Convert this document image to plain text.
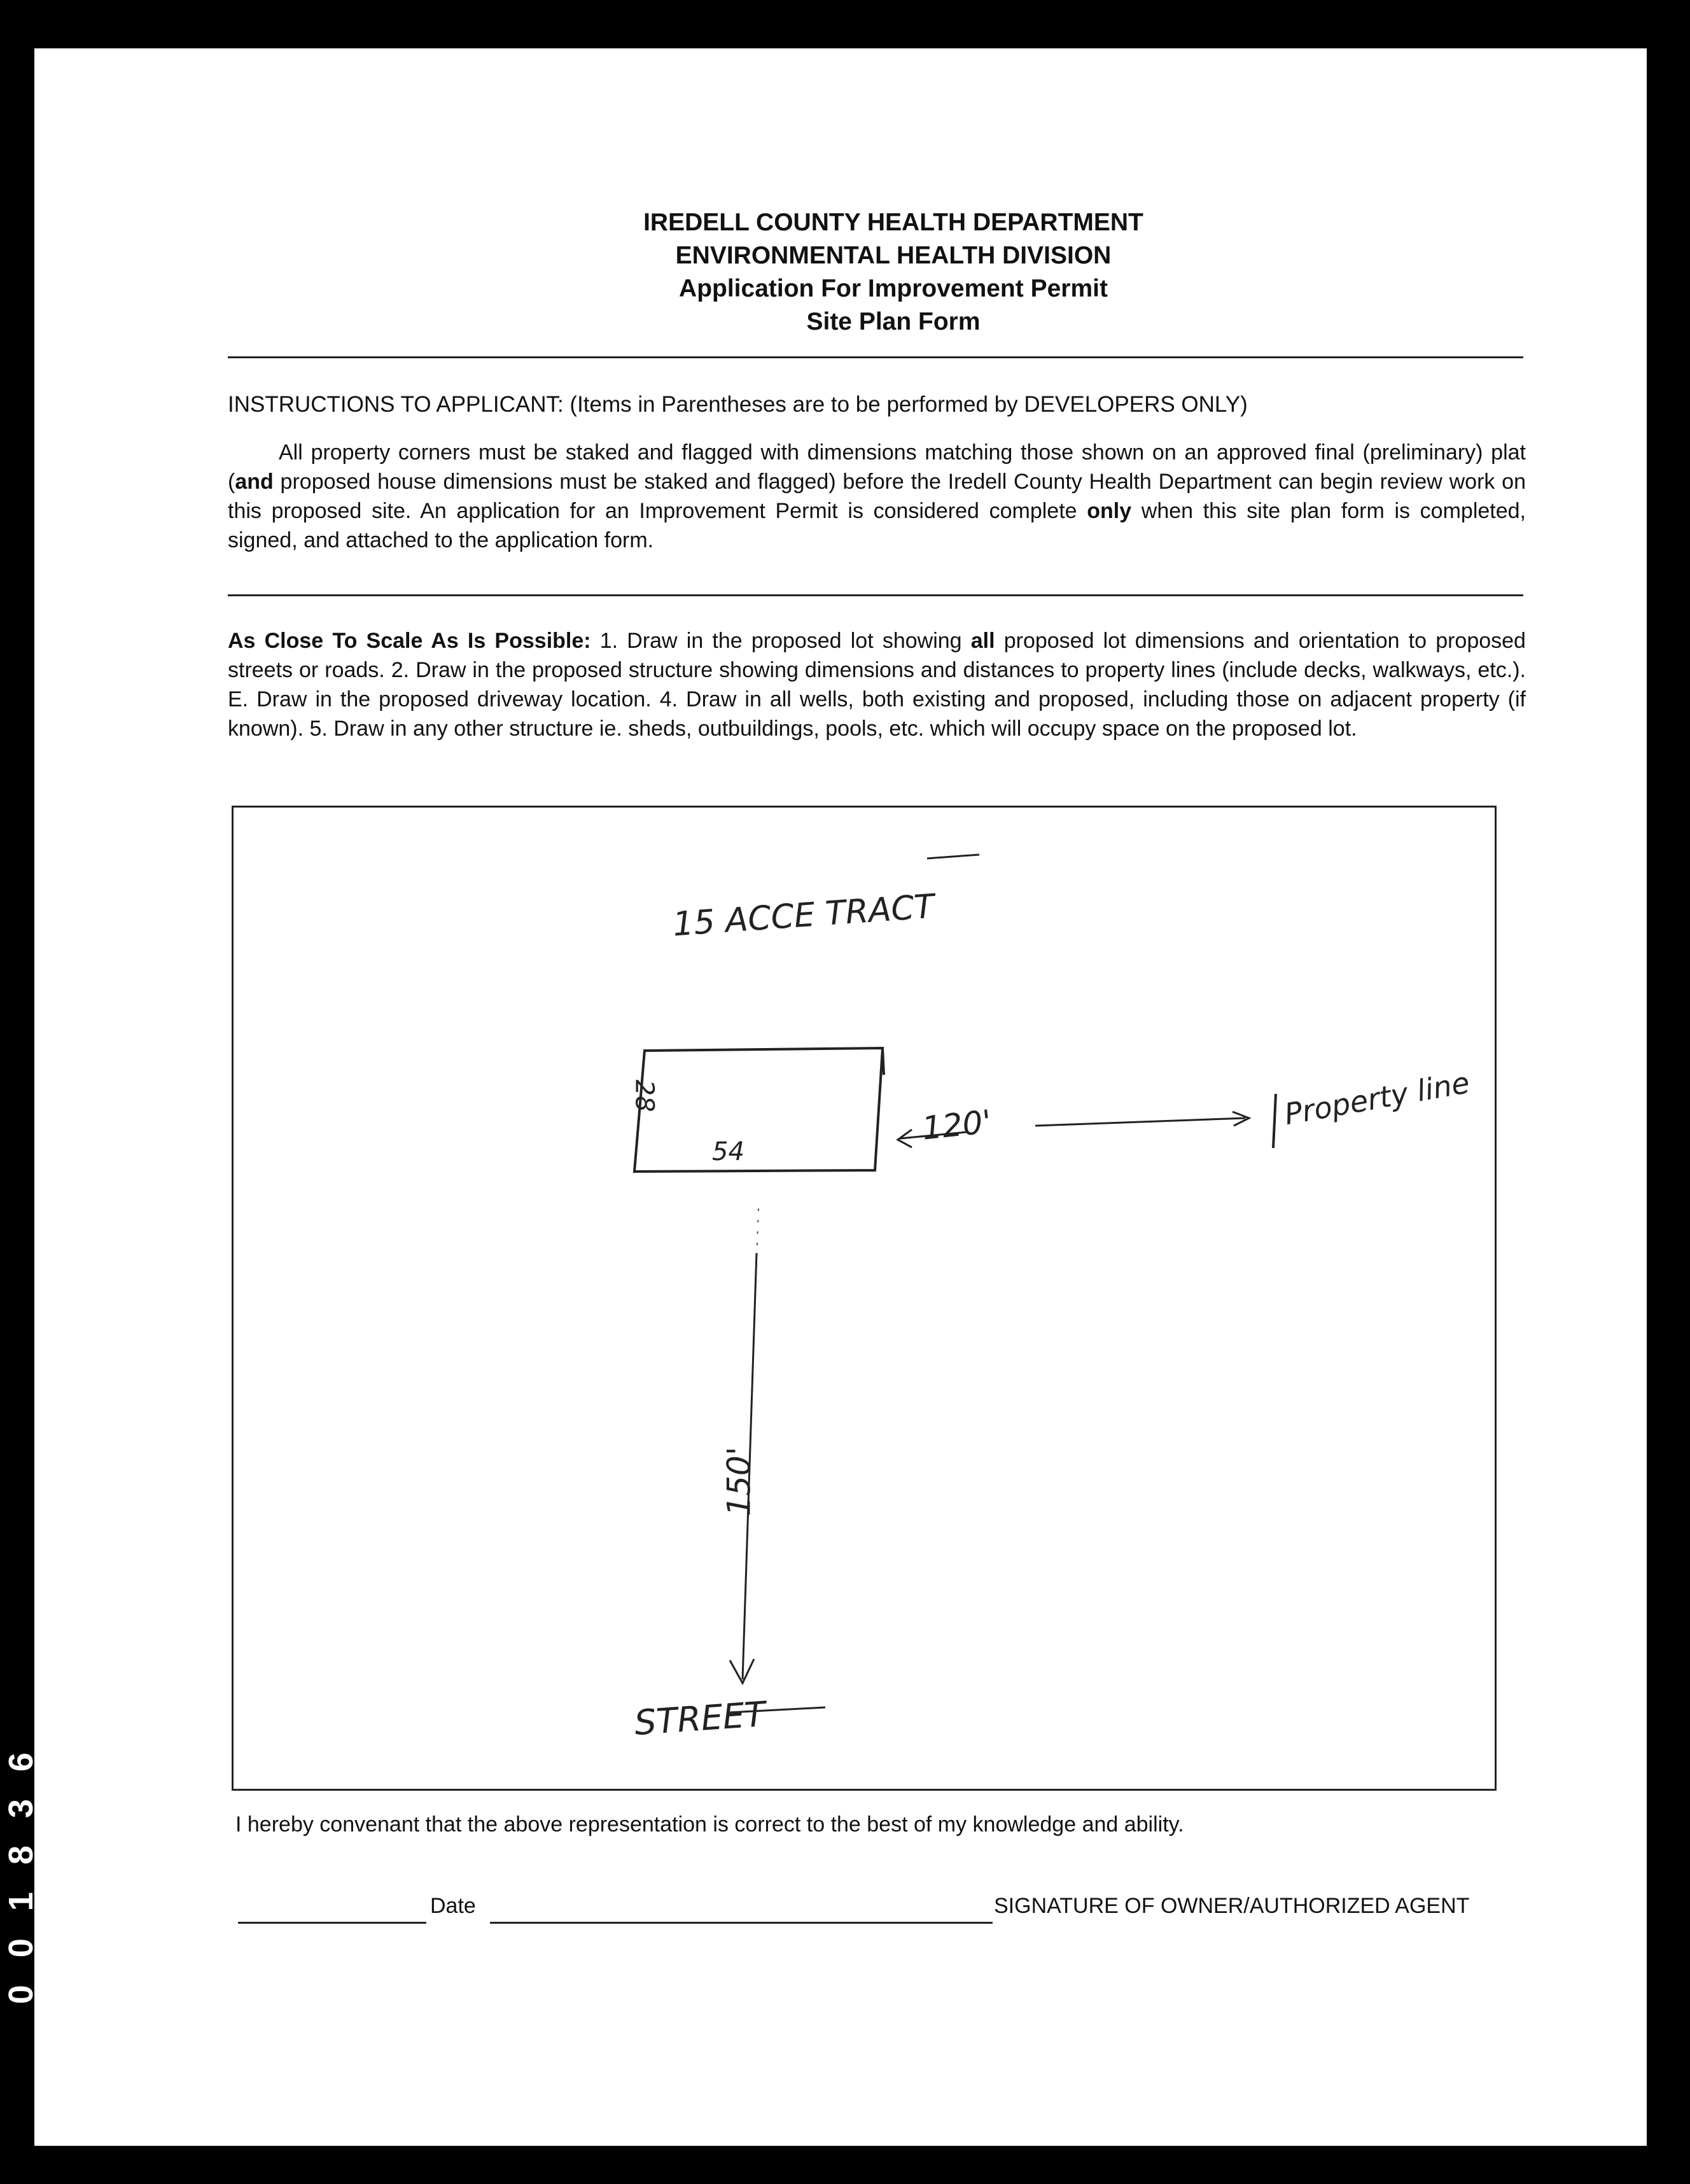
IREDELL COUNTY HEALTH DEPARTMENT
ENVIRONMENTAL HEALTH DIVISION
Application For Improvement Permit
Site Plan Form
INSTRUCTIONS TO APPLICANT: (Items in Parentheses are to be performed by DEVELOPERS ONLY)
All property corners must be staked and flagged with dimensions matching those shown on an approved final (preliminary) plat (and proposed house dimensions must be staked and flagged) before the Iredell County Health Department can begin review work on this proposed site. An application for an Improvement Permit is considered complete only when this site plan form is completed, signed, and attached to the application form.
As Close To Scale As Is Possible: 1. Draw in the proposed lot showing all proposed lot dimensions and orientation to proposed streets or roads. 2. Draw in the proposed structure showing dimensions and distances to property lines (include decks, walkways, etc.). E. Draw in the proposed driveway location. 4. Draw in all wells, both existing and proposed, including those on adjacent property (if known). 5. Draw in any other structure ie. sheds, outbuildings, pools, etc. which will occupy space on the proposed lot.
15 ACCE TRACT
28
54
120'	Property line
150'
STREET
I hereby convenant that the above representation is correct to the best of my knowledge and ability.
Date	SIGNATURE OF OWNER/AUTHORIZED AGENT
0 0 1 8 3 6
